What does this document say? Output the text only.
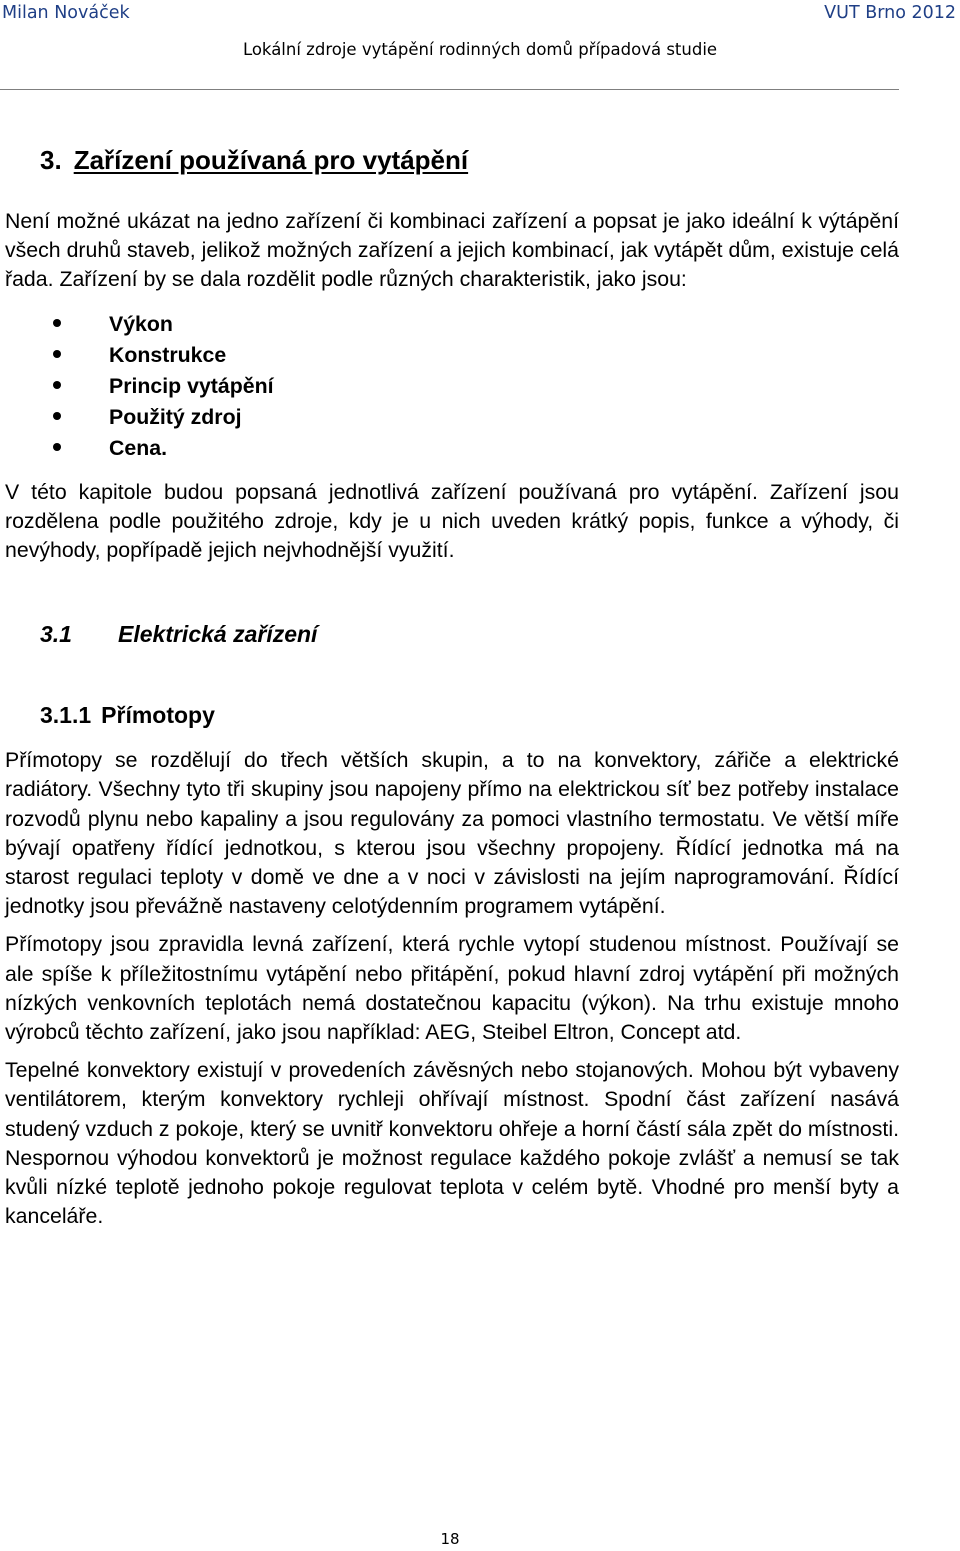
Milan Nováček	VUT Brno 2012
Lokální zdroje vytápění rodinných domů případová studie
3. Zařízení používaná pro vytápění

Není možné ukázat na jedno zařízení či kombinaci zařízení a popsat je jako ideální k výtápění všech druhů staveb, jelikož možných zařízení a jejich kombinací, jak vytápět dům, existuje celá řada. Zařízení by se dala rozdělit podle různých charakteristik, jako jsou:

Výkon
Konstrukce
Princip vytápění
Použitý zdroj
Cena.

V této kapitole budou popsaná jednotlivá zařízení používaná pro vytápění. Zařízení jsou rozdělena podle použitého zdroje, kdy je u nich uveden krátký popis, funkce a výhody, či nevýhody, popřípadě jejich nejvhodnější využití.

3.1 Elektrická zařízení
3.1.1 Přímotopy

Přímotopy se rozdělují do třech větších skupin, a to na konvektory, zářiče a elektrické radiátory. Všechny tyto tři skupiny jsou napojeny přímo na elektrickou síť bez potřeby instalace rozvodů plynu nebo kapaliny a jsou regulovány za pomoci vlastního termostatu. Ve větší míře bývají opatřeny řídící jednotkou, s kterou jsou všechny propojeny. Řídící jednotka má na starost regulaci teploty v domě ve dne a v noci v závislosti na jejím naprogramování. Řídící jednotky jsou převážně nastaveny celotýdenním programem vytápění.

Přímotopy jsou zpravidla levná zařízení, která rychle vytopí studenou místnost. Používají se ale spíše k příležitostnímu vytápění nebo přitápění, pokud hlavní zdroj vytápění při možných nízkých venkovních teplotách nemá dostatečnou kapacitu (výkon). Na trhu existuje mnoho výrobců těchto zařízení, jako jsou například: AEG, Steibel Eltron, Concept atd.

Tepelné konvektory existují v provedeních závěsných nebo stojanových. Mohou být vybaveny ventilátorem, kterým konvektory rychleji ohřívají místnost. Spodní část zařízení nasává studený vzduch z pokoje, který se uvnitř konvektoru ohřeje a horní částí sála zpět do místnosti. Nespornou výhodou konvektorů je možnost regulace každého pokoje zvlášť a nemusí se tak kvůli nízké teplotě jednoho pokoje regulovat teplota v celém bytě. Vhodné pro menší byty a kanceláře.

18
